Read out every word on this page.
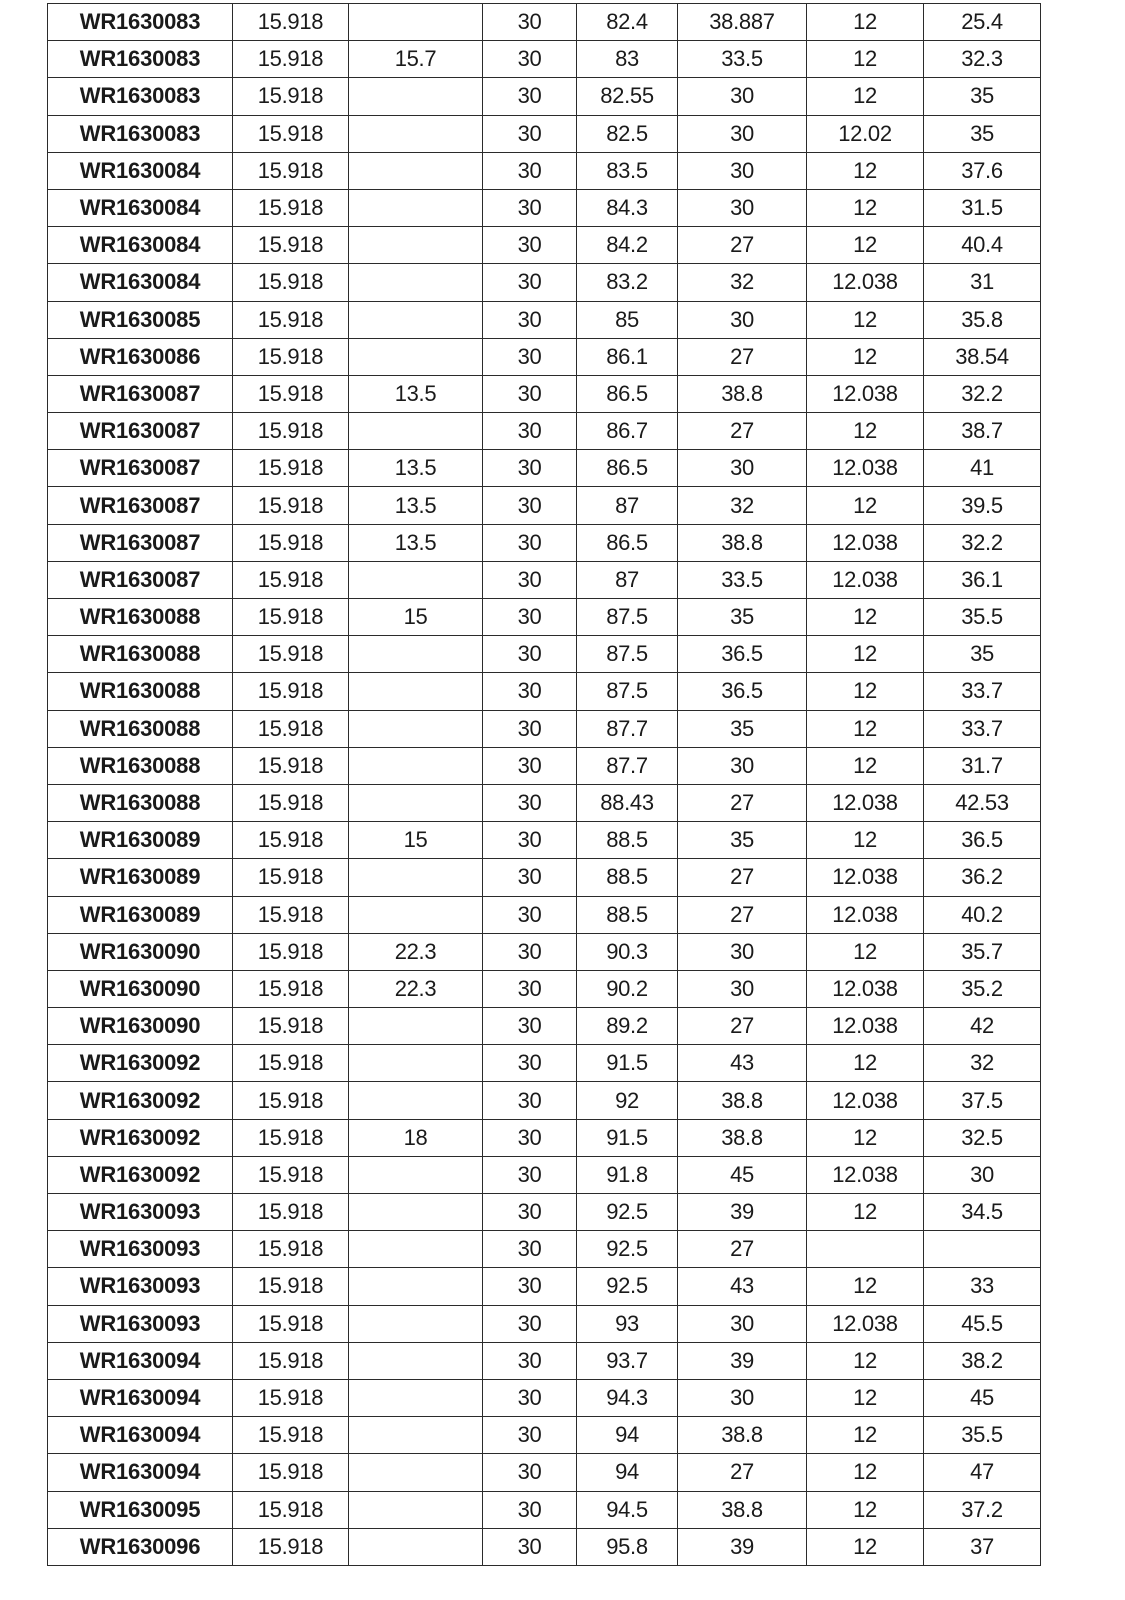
WR1630083	15.918		30	82.4	38.887	12	25.4
WR1630083	15.918	15.7	30	83	33.5	12	32.3
WR1630083	15.918		30	82.55	30	12	35
WR1630083	15.918		30	82.5	30	12.02	35
WR1630084	15.918		30	83.5	30	12	37.6
WR1630084	15.918		30	84.3	30	12	31.5
WR1630084	15.918		30	84.2	27	12	40.4
WR1630084	15.918		30	83.2	32	12.038	31
WR1630085	15.918		30	85	30	12	35.8
WR1630086	15.918		30	86.1	27	12	38.54
WR1630087	15.918	13.5	30	86.5	38.8	12.038	32.2
WR1630087	15.918		30	86.7	27	12	38.7
WR1630087	15.918	13.5	30	86.5	30	12.038	41
WR1630087	15.918	13.5	30	87	32	12	39.5
WR1630087	15.918	13.5	30	86.5	38.8	12.038	32.2
WR1630087	15.918		30	87	33.5	12.038	36.1
WR1630088	15.918	15	30	87.5	35	12	35.5
WR1630088	15.918		30	87.5	36.5	12	35
WR1630088	15.918		30	87.5	36.5	12	33.7
WR1630088	15.918		30	87.7	35	12	33.7
WR1630088	15.918		30	87.7	30	12	31.7
WR1630088	15.918		30	88.43	27	12.038	42.53
WR1630089	15.918	15	30	88.5	35	12	36.5
WR1630089	15.918		30	88.5	27	12.038	36.2
WR1630089	15.918		30	88.5	27	12.038	40.2
WR1630090	15.918	22.3	30	90.3	30	12	35.7
WR1630090	15.918	22.3	30	90.2	30	12.038	35.2
WR1630090	15.918		30	89.2	27	12.038	42
WR1630092	15.918		30	91.5	43	12	32
WR1630092	15.918		30	92	38.8	12.038	37.5
WR1630092	15.918	18	30	91.5	38.8	12	32.5
WR1630092	15.918		30	91.8	45	12.038	30
WR1630093	15.918		30	92.5	39	12	34.5
WR1630093	15.918		30	92.5	27		
WR1630093	15.918		30	92.5	43	12	33
WR1630093	15.918		30	93	30	12.038	45.5
WR1630094	15.918		30	93.7	39	12	38.2
WR1630094	15.918		30	94.3	30	12	45
WR1630094	15.918		30	94	38.8	12	35.5
WR1630094	15.918		30	94	27	12	47
WR1630095	15.918		30	94.5	38.8	12	37.2
WR1630096	15.918		30	95.8	39	12	37
